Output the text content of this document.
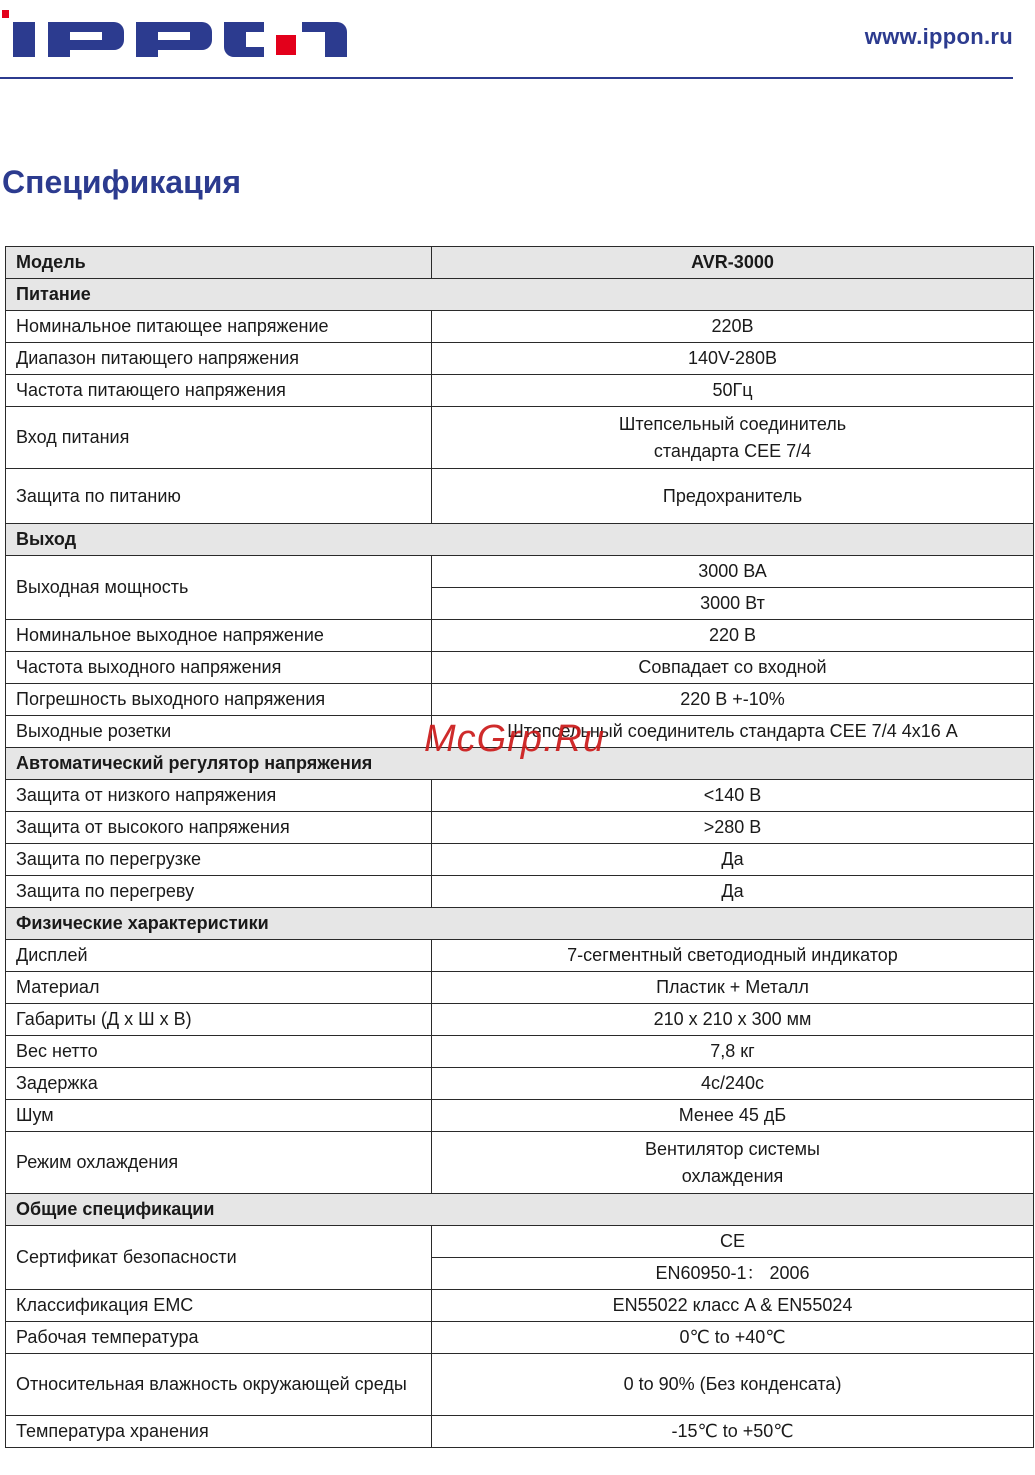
www.ippon.ru
Спецификация
Модель	AVR-3000
Питание	
Номинальное питающее напряжение	220В
Диапазон питающего напряжения	140V-280В
Частота питающего напряжения	50Гц
Вход питания	Штепсельный соединитель
стандарта CEE 7/4
Защита по питанию	Предохранитель
Выход	
Выходная мощность	3000 ВА
	3000 Вт
Номинальное выходное напряжение	220 В
Частота выходного напряжения	Совпадает со входной
Погрешность выходного напряжения	220 В +-10%
Выходные розетки	Штепсельный соединитель стандарта CEE 7/4 4х16 А
Автоматический регулятор напряжения	
Защита от низкого напряжения	<140 В
Защита от высокого напряжения	>280 В
Защита по перегрузке	Да
Защита по перегреву	Да
Физические характеристики	
Дисплей	7-сегментный светодиодный индикатор
Материал	Пластик + Металл
Габариты (Д х Ш х В)	210 x 210 x 300 мм
Вес нетто	7,8 кг
Задержка	4с/240с
Шум	Менее 45 дБ
Режим охлаждения	Вентилятор системы
охлаждения
Общие спецификации	
Сертификат безопасности	CE
	EN60950-1： 2006
Классификация EMC	EN55022 класс A & EN55024
Рабочая температура	0℃ to +40℃
Относительная влажность окружающей среды	0 to 90% (Без конденсата)
Температура хранения	-15℃ to +50℃
McGrp.Ru
